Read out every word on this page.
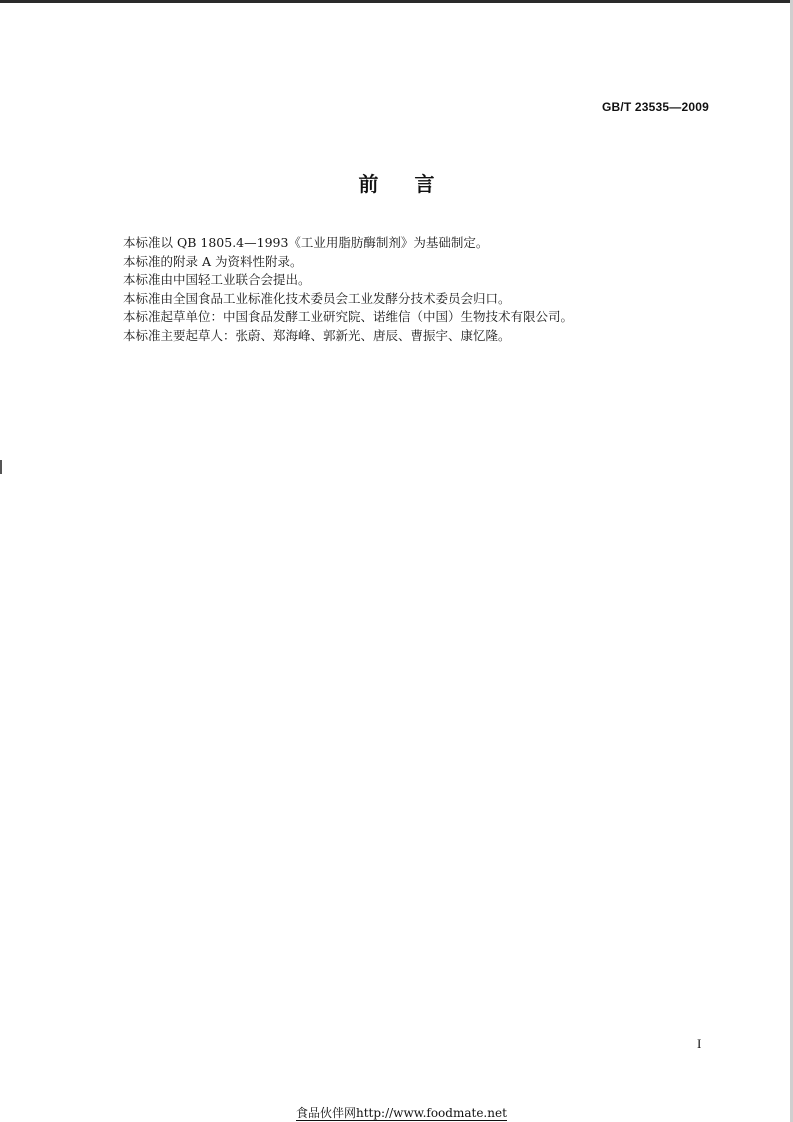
GB/T 23535—2009
前言
本标准以 QB 1805.4—1993《工业用脂肪酶制剂》为基础制定。
本标准的附录 A 为资料性附录。
本标准由中国轻工业联合会提出。
本标准由全国食品工业标准化技术委员会工业发酵分技术委员会归口。
本标准起草单位：中国食品发酵工业研究院、诺维信（中国）生物技术有限公司。
本标准主要起草人：张蔚、郑海峰、郭新光、唐辰、曹振宇、康忆隆。
I
食品伙伴网http://www.foodmate.net
